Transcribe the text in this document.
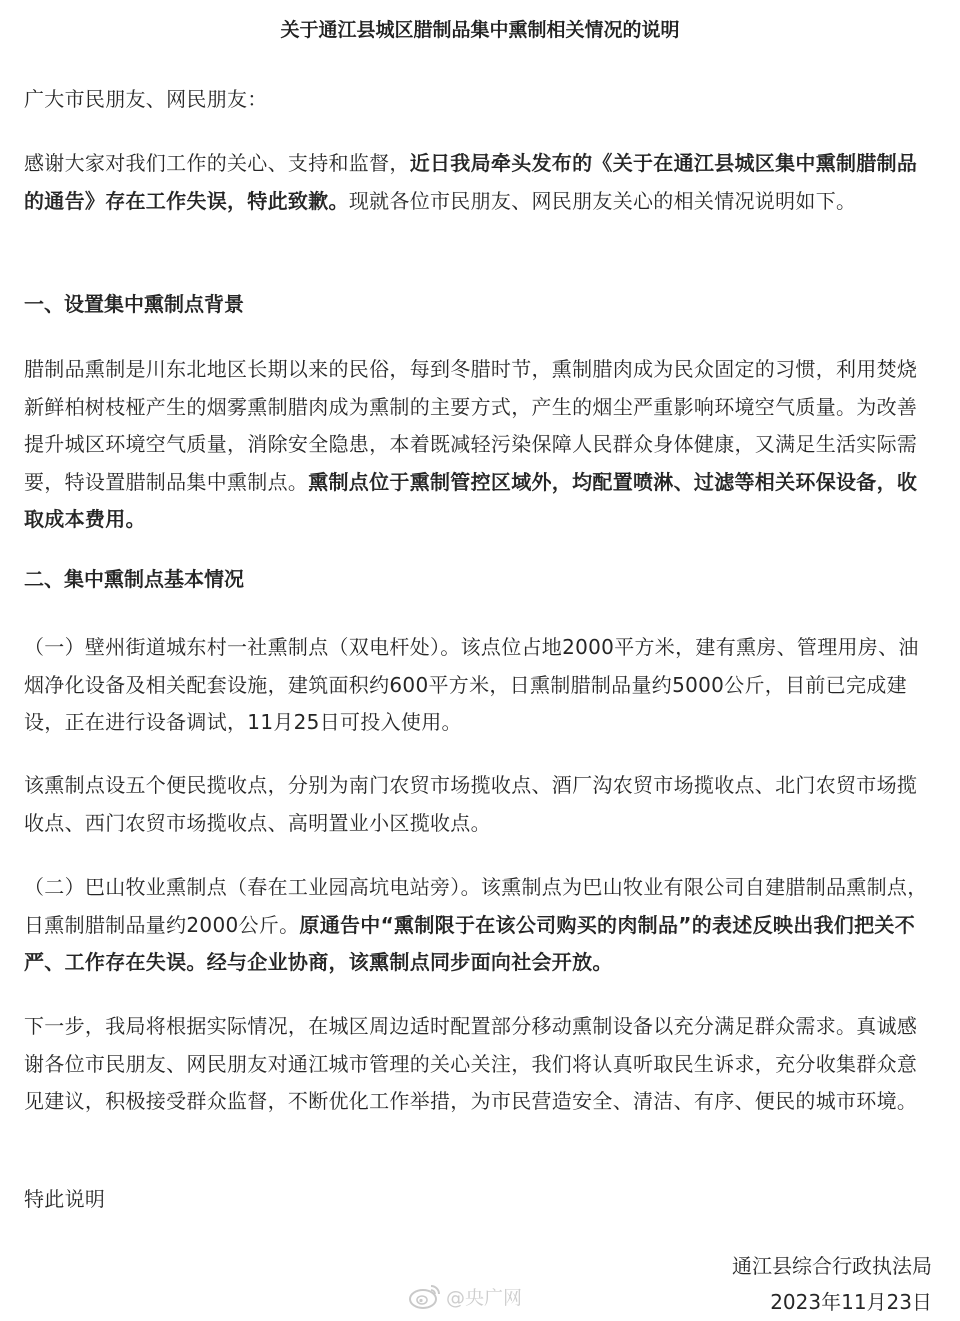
关于通江县城区腊制品集中熏制相关情况的说明

广大市民朋友、网民朋友：

感谢大家对我们工作的关心、支持和监督，近日我局牵头发布的《关于在通江县城区集中熏制腊制品的通告》存在工作失误，特此致歉。现就各位市民朋友、网民朋友关心的相关情况说明如下。

一、设置集中熏制点背景

腊制品熏制是川东北地区长期以来的民俗，每到冬腊时节，熏制腊肉成为民众固定的习惯，利用焚烧新鲜柏树枝桠产生的烟雾熏制腊肉成为熏制的主要方式，产生的烟尘严重影响环境空气质量。为改善提升城区环境空气质量，消除安全隐患，本着既减轻污染保障人民群众身体健康，又满足生活实际需要，特设置腊制品集中熏制点。熏制点位于熏制管控区域外，均配置喷淋、过滤等相关环保设备，收取成本费用。

二、集中熏制点基本情况

（一）壁州街道城东村一社熏制点（双电杆处）。该点位占地2000平方米，建有熏房、管理用房、油烟净化设备及相关配套设施，建筑面积约600平方米，日熏制腊制品量约5000公斤，目前已完成建设，正在进行设备调试，11月25日可投入使用。

该熏制点设五个便民揽收点，分别为南门农贸市场揽收点、酒厂沟农贸市场揽收点、北门农贸市场揽收点、西门农贸市场揽收点、高明置业小区揽收点。

（二）巴山牧业熏制点（春在工业园高坑电站旁）。该熏制点为巴山牧业有限公司自建腊制品熏制点，日熏制腊制品量约2000公斤。原通告中“熏制限于在该公司购买的肉制品”的表述反映出我们把关不严、工作存在失误。经与企业协商，该熏制点同步面向社会开放。

下一步，我局将根据实际情况，在城区周边适时配置部分移动熏制设备以充分满足群众需求。真诚感谢各位市民朋友、网民朋友对通江城市管理的关心关注，我们将认真听取民生诉求，充分收集群众意见建议，积极接受群众监督，不断优化工作举措，为市民营造安全、清洁、有序、便民的城市环境。

特此说明

通江县综合行政执法局
2023年11月23日
@央广网
